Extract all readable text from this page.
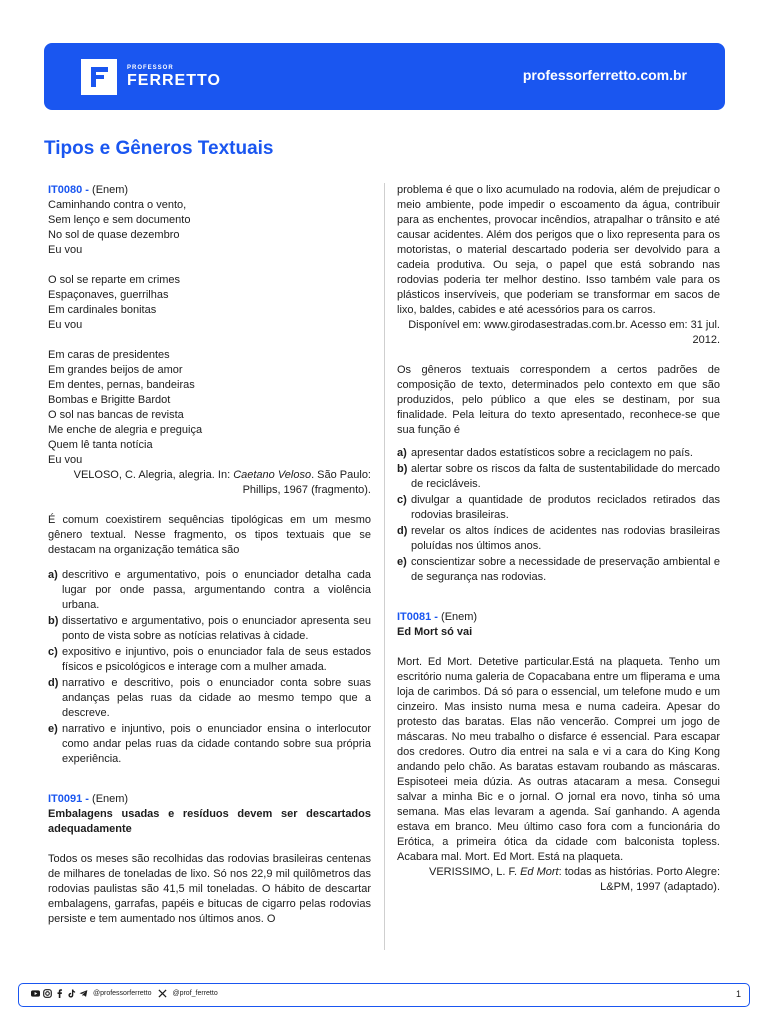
PROFESSOR
FERRETTO	professorferretto.com.br
Tipos e Gêneros Textuais

IT0080 - (Enem)

Caminhando contra o vento,

Sem lenço e sem documento

No sol de quase dezembro

Eu vou

O sol se reparte em crimes

Espaçonaves, guerrilhas

Em cardinales bonitas

Eu vou

Em caras de presidentes

Em grandes beijos de amor

Em dentes, pernas, bandeiras

Bombas e Brigitte Bardot

O sol nas bancas de revista

Me enche de alegria e preguiça

Quem lê tanta notícia

Eu vou

VELOSO, C. Alegria, alegria. In: Caetano Veloso. São Paulo: Phillips, 1967 (fragmento).

É comum coexistirem sequências tipológicas em um mesmo gênero textual. Nesse fragmento, os tipos textuais que se destacam na organização temática são

a) descritivo e argumentativo, pois o enunciador detalha cada lugar por onde passa, argumentando contra a violência urbana.
b) dissertativo e argumentativo, pois o enunciador apresenta seu ponto de vista sobre as notícias relativas à cidade.
c) expositivo e injuntivo, pois o enunciador fala de seus estados físicos e psicológicos e interage com a mulher amada.
d) narrativo e descritivo, pois o enunciador conta sobre suas andanças pelas ruas da cidade ao mesmo tempo que a descreve.
e) narrativo e injuntivo, pois o enunciador ensina o interlocutor como andar pelas ruas da cidade contando sobre sua própria experiência.

IT0091 - (Enem)

Embalagens usadas e resíduos devem ser descartados adequadamente

Todos os meses são recolhidas das rodovias brasileiras centenas de milhares de toneladas de lixo. Só nos 22,9 mil quilômetros das rodovias paulistas são 41,5 mil toneladas. O hábito de descartar embalagens, garrafas, papéis e bitucas de cigarro pelas rodovias persiste e tem aumentado nos últimos anos. O

problema é que o lixo acumulado na rodovia, além de prejudicar o meio ambiente, pode impedir o escoamento da água, contribuir para as enchentes, provocar incêndios, atrapalhar o trânsito e até causar acidentes. Além dos perigos que o lixo representa para os motoristas, o material descartado poderia ser devolvido para a cadeia produtiva. Ou seja, o papel que está sobrando nas rodovias poderia ter melhor destino. Isso também vale para os plásticos inservíveis, que poderiam se transformar em sacos de lixo, baldes, cabides e até acessórios para os carros.

Disponível em: www.girodasestradas.com.br. Acesso em: 31 jul. 2012.

Os gêneros textuais correspondem a certos padrões de composição de texto, determinados pelo contexto em que são produzidos, pelo público a que eles se destinam, por sua finalidade. Pela leitura do texto apresentado, reconhece-se que sua função é

a) apresentar dados estatísticos sobre a reciclagem no país.
b) alertar sobre os riscos da falta de sustentabilidade do mercado de recicláveis.
c) divulgar a quantidade de produtos reciclados retirados das rodovias brasileiras.
d) revelar os altos índices de acidentes nas rodovias brasileiras poluídas nos últimos anos.
e) conscientizar sobre a necessidade de preservação ambiental e de segurança nas rodovias.

IT0081 - (Enem)

Ed Mort só vai

Mort. Ed Mort. Detetive particular.Está na plaqueta. Tenho um escritório numa galeria de Copacabana entre um fliperama e uma loja de carimbos. Dá só para o essencial, um telefone mudo e um cinzeiro. Mas insisto numa mesa e numa cadeira. Apesar do protesto das baratas. Elas não vencerão. Comprei um jogo de máscaras. No meu trabalho o disfarce é essencial. Para escapar dos credores. Outro dia entrei na sala e vi a cara do King Kong andando pelo chão. As baratas estavam roubando as máscaras. Espisoteei meia dúzia. As outras atacaram a mesa. Consegui salvar a minha Bic e o jornal. O jornal era novo, tinha só uma semana. Mas elas levaram a agenda. Saí ganhando. A agenda estava em branco. Meu último caso fora com a funcionária do Erótica, a primeira ótica da cidade com balconista topless. Acabara mal. Mort. Ed Mort. Está na plaqueta.

VERISSIMO, L. F. Ed Mort: todas as histórias. Porto Alegre: L&PM, 1997 (adaptado).

@professorferretto	@prof_ferretto	1
